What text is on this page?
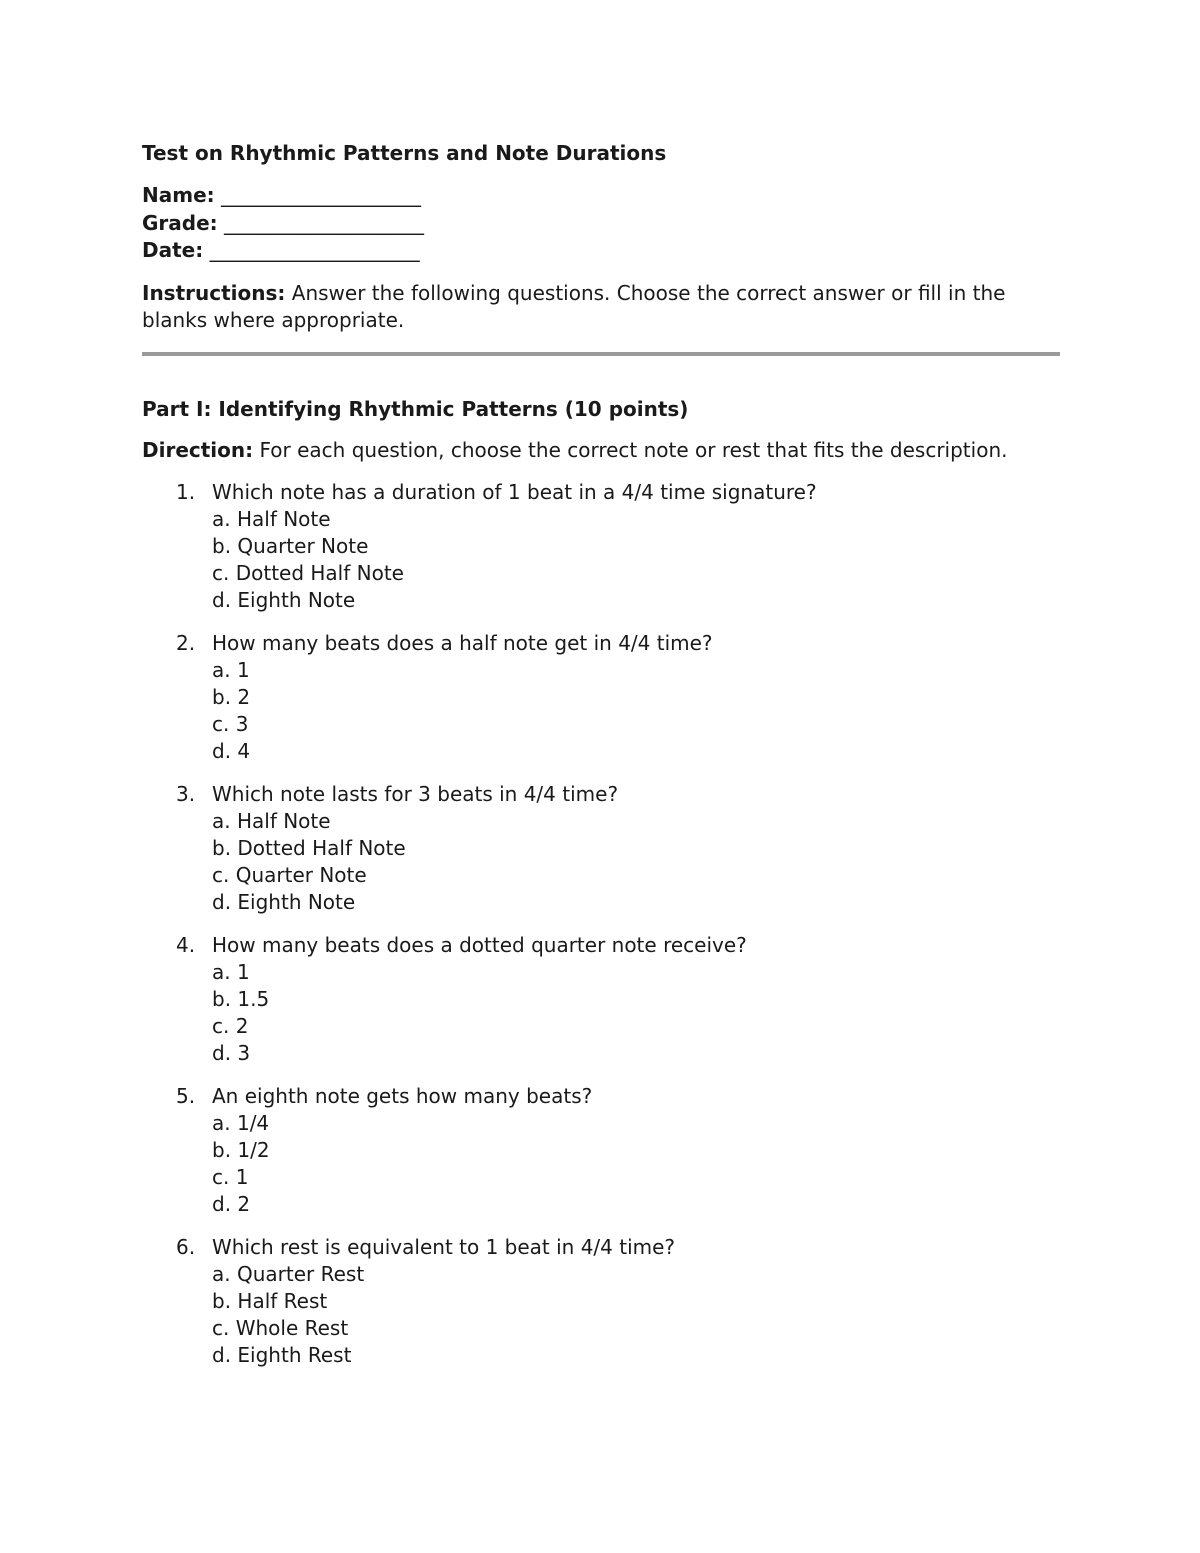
Test on Rhythmic Patterns and Note Durations
Name: ____________________
Grade: ____________________
Date: _____________________
Instructions: Answer the following questions. Choose the correct answer or fill in the blanks where appropriate.
Part I: Identifying Rhythmic Patterns (10 points)
Direction: For each question, choose the correct note or rest that fits the description.
1. Which note has a duration of 1 beat in a 4/4 time signature?
a. Half Note
b. Quarter Note
c. Dotted Half Note
d. Eighth Note
2. How many beats does a half note get in 4/4 time?
a. 1
b. 2
c. 3
d. 4
3. Which note lasts for 3 beats in 4/4 time?
a. Half Note
b. Dotted Half Note
c. Quarter Note
d. Eighth Note
4. How many beats does a dotted quarter note receive?
a. 1
b. 1.5
c. 2
d. 3
5. An eighth note gets how many beats?
a. 1/4
b. 1/2
c. 1
d. 2
6. Which rest is equivalent to 1 beat in 4/4 time?
a. Quarter Rest
b. Half Rest
c. Whole Rest
d. Eighth Rest
